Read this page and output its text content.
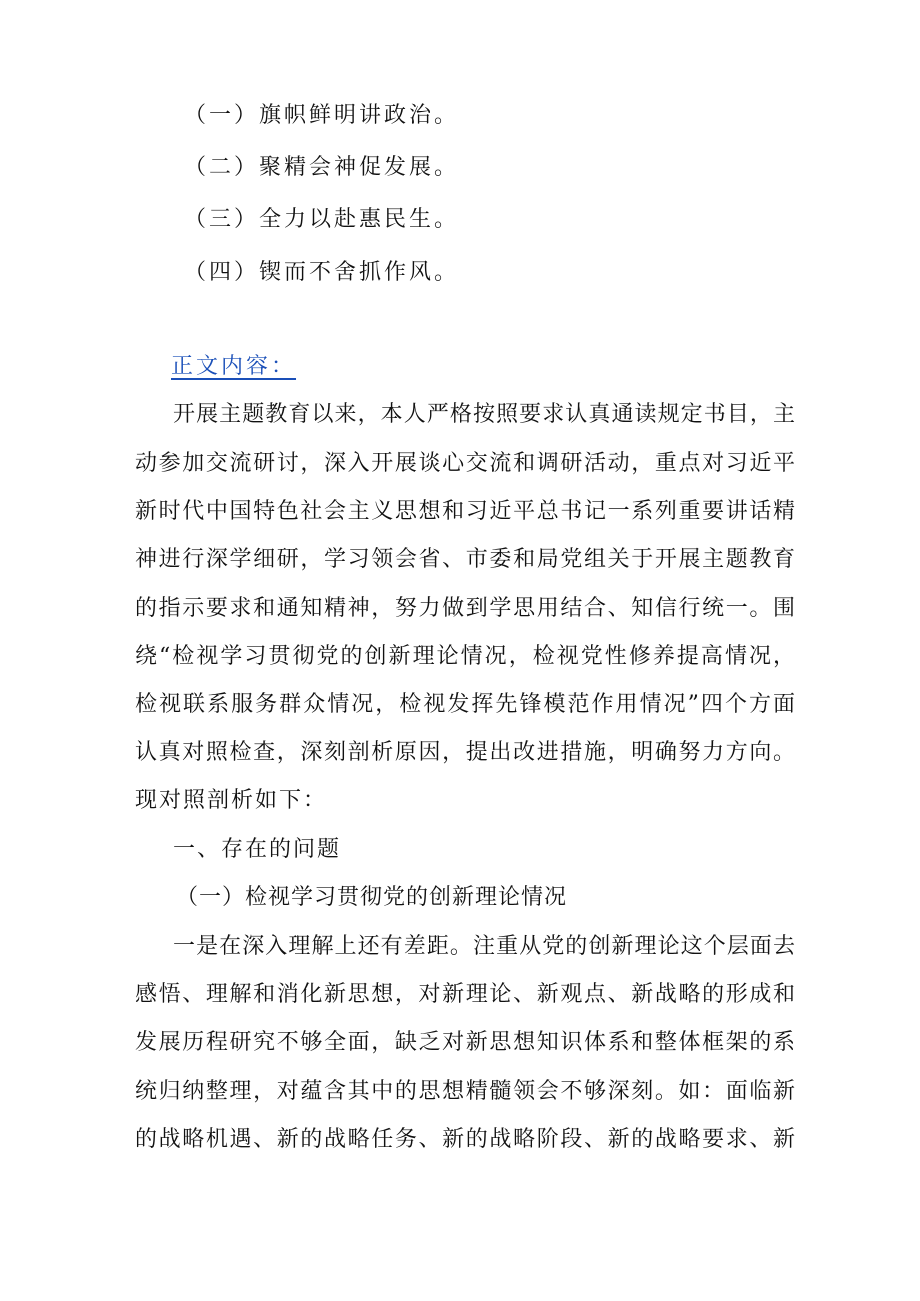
（一）旗帜鲜明讲政治。
（二）聚精会神促发展。
（三）全力以赴惠民生。
（四）锲而不舍抓作风。
正文内容：
开展主题教育以来，本人严格按照要求认真通读规定书目，主
动参加交流研讨，深入开展谈心交流和调研活动，重点对习近平
新时代中国特色社会主义思想和习近平总书记一系列重要讲话精
神进行深学细研，学习领会省、市委和局党组关于开展主题教育
的指示要求和通知精神，努力做到学思用结合、知信行统一。围
绕“检视学习贯彻党的创新理论情况，检视党性修养提高情况，
检视联系服务群众情况，检视发挥先锋模范作用情况”四个方面
认真对照检查，深刻剖析原因，提出改进措施，明确努力方向。
现对照剖析如下：
一、存在的问题
（一）检视学习贯彻党的创新理论情况
一是在深入理解上还有差距。注重从党的创新理论这个层面去
感悟、理解和消化新思想，对新理论、新观点、新战略的形成和
发展历程研究不够全面，缺乏对新思想知识体系和整体框架的系
统归纳整理，对蕴含其中的思想精髓领会不够深刻。如：面临新
的战略机遇、新的战略任务、新的战略阶段、新的战略要求、新
